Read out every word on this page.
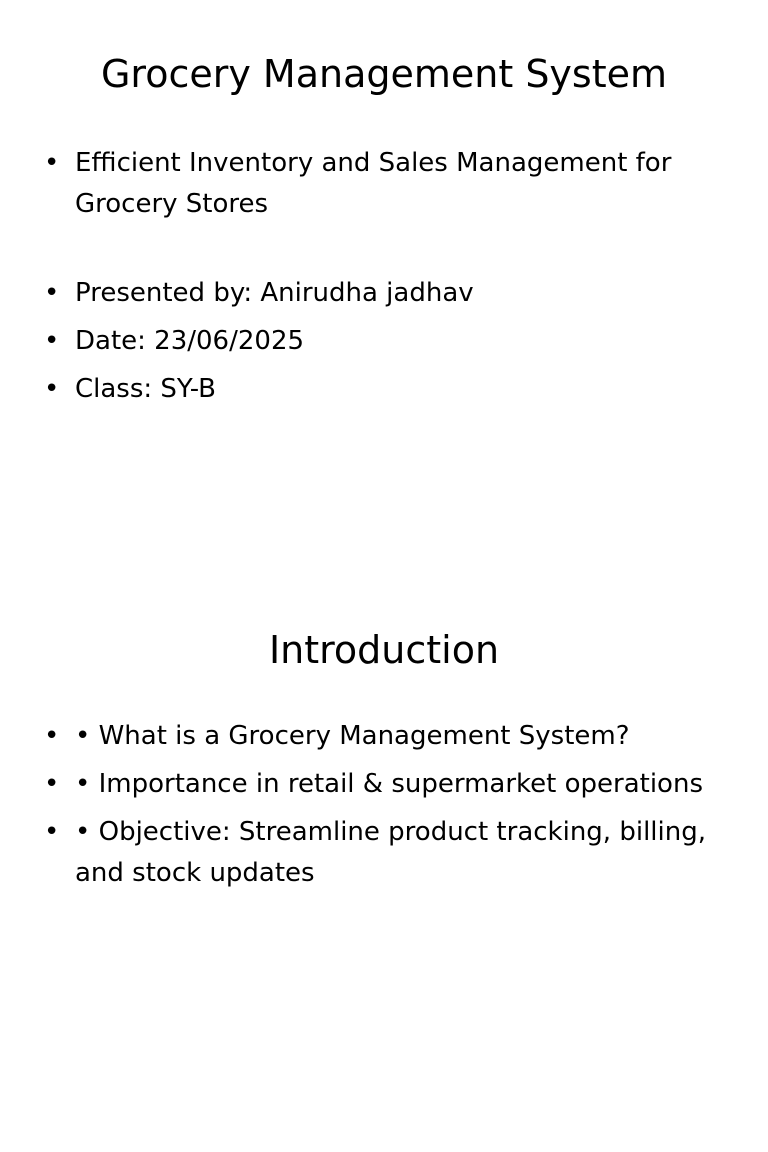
Grocery Management System
• Efficient Inventory and Sales Management for Grocery Stores
• Presented by: Anirudha jadhav
• Date: 23/06/2025
• Class: SY-B
Introduction
• • What is a Grocery Management System?
• • Importance in retail & supermarket operations
• • Objective: Streamline product tracking, billing, and stock updates
